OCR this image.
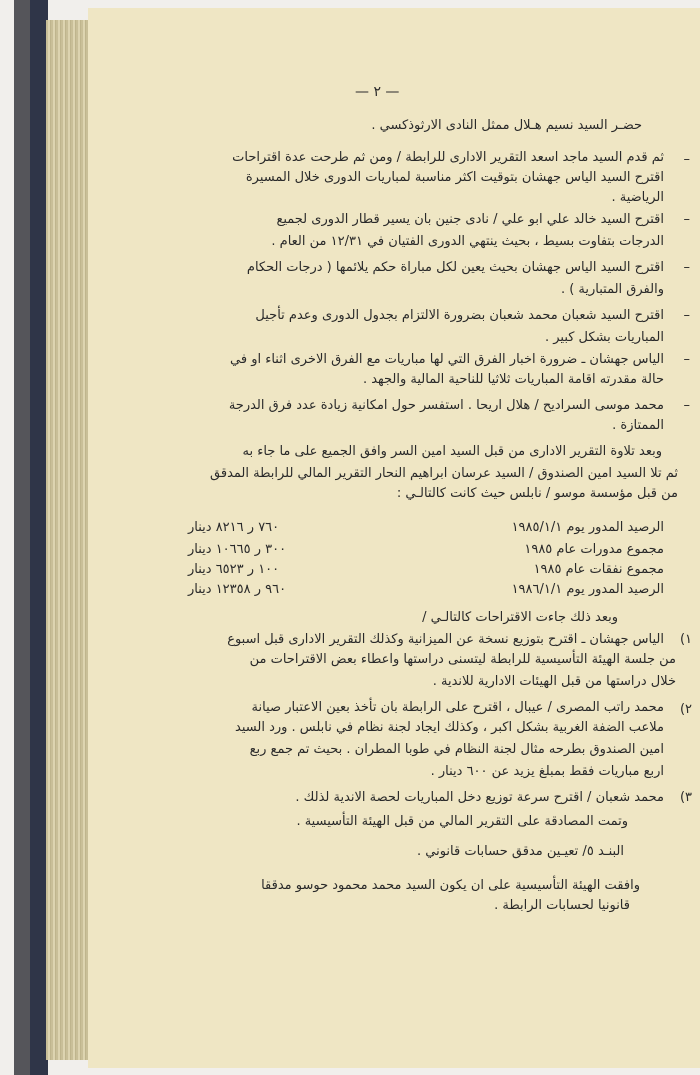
— ٢ —
حضـر السيد نسيم هـلال ممثل النادى الارثوذكسي .
–
ثم قدم السيد ماجد اسعد التقرير الادارى للرابطة / ومن ثم طرحت عدة اقتراحات
اقترح السيد الياس جهشان بتوقيت اكثر مناسبة لمباريات الدورى خلال المسيرة
الرياضية .
–
اقترح السيد خالد علي ابو علي / نادى جنين بان يسير قطار الدورى لجميع
الدرجات بتفاوت بسيط ، بحيث ينتهي الدورى الفتيان في ١٢/٣١ من العام .
–
اقترح السيد الياس جهشان بحيث يعين لكل مباراة حكم يلائمها ( درجات الحكام
والفرق المتبارية ) .
–
اقترح السيد شعبان محمد شعبان بضرورة الالتزام بجدول الدورى وعدم تأجيل
المباريات بشكل كبير .
–
الياس جهشان ـ ضرورة اخبار الفرق التي لها مباريات مع الفرق الاخرى اثناء او في
حالة مقدرته اقامة المباريات ثلاثيا للناحية المالية والجهد .
–
محمد موسى السراديح / هلال اريحا . استفسر حول امكانية زيادة عدد فرق الدرجة
الممتازة .
وبعد تلاوة التقرير الادارى من قبل السيد امين السر وافق الجميع على ما جاء به
ثم تلا السيد امين الصندوق / السيد عرسان ابراهيم النحار التقرير المالي للرابطة المدقق
من قبل مؤسسة موسو / نابلس حيث كانت كالتالـي :
الرصيد المدور يوم ١٩٨٥/١/١
٧٦٠ ر ٨٢١٦ دينار
مجموع مدورات عام ١٩٨٥
٣٠٠ ر ١٠٦٦٥ دينار
مجموع نفقات عام ١٩٨٥
١٠٠ ر ٦٥٢٣ دينار
الرصيد المدور يوم ١٩٨٦/١/١
٩٦٠ ر ١٢٣٥٨ دينار
وبعد ذلك جاءت الاقتراحات كالتالـي /
١)
الياس جهشان ـ اقترح بتوزيع نسخة عن الميزانية وكذلك التقرير الادارى قبل اسبوع
من جلسة الهيئة التأسيسية للرابطة ليتسنى دراستها واعطاء بعض الاقتراحات من
خلال دراستها من قبل الهيئات الادارية للاندية .
٢)
محمد راتب المصرى / عيبال ، اقترح على الرابطة بان تأخذ بعين الاعتبار صيانة
ملاعب الضفة الغربية بشكل اكبر ، وكذلك ايجاد لجنة نظام في نابلس . ورد السيد
امين الصندوق بطرحه مثال لجنة النظام في طوبا المطران . بحيث تم جمع ربع
اربع مباريات فقط بمبلغ يزيد عن ٦٠٠ دينار .
٣)
محمد شعبان / اقترح سرعة توزيع دخل المباريات لحصة الاندية لذلك .
وتمت المصادقة على التقرير المالي من قبل الهيئة التأسيسية .
البنـد ٥/ تعيـين مدقق حسابات قانوني .
وافقت الهيئة التأسيسية على ان يكون السيد محمد محمود حوسو مدققا
قانونيا لحسابات الرابطة .
